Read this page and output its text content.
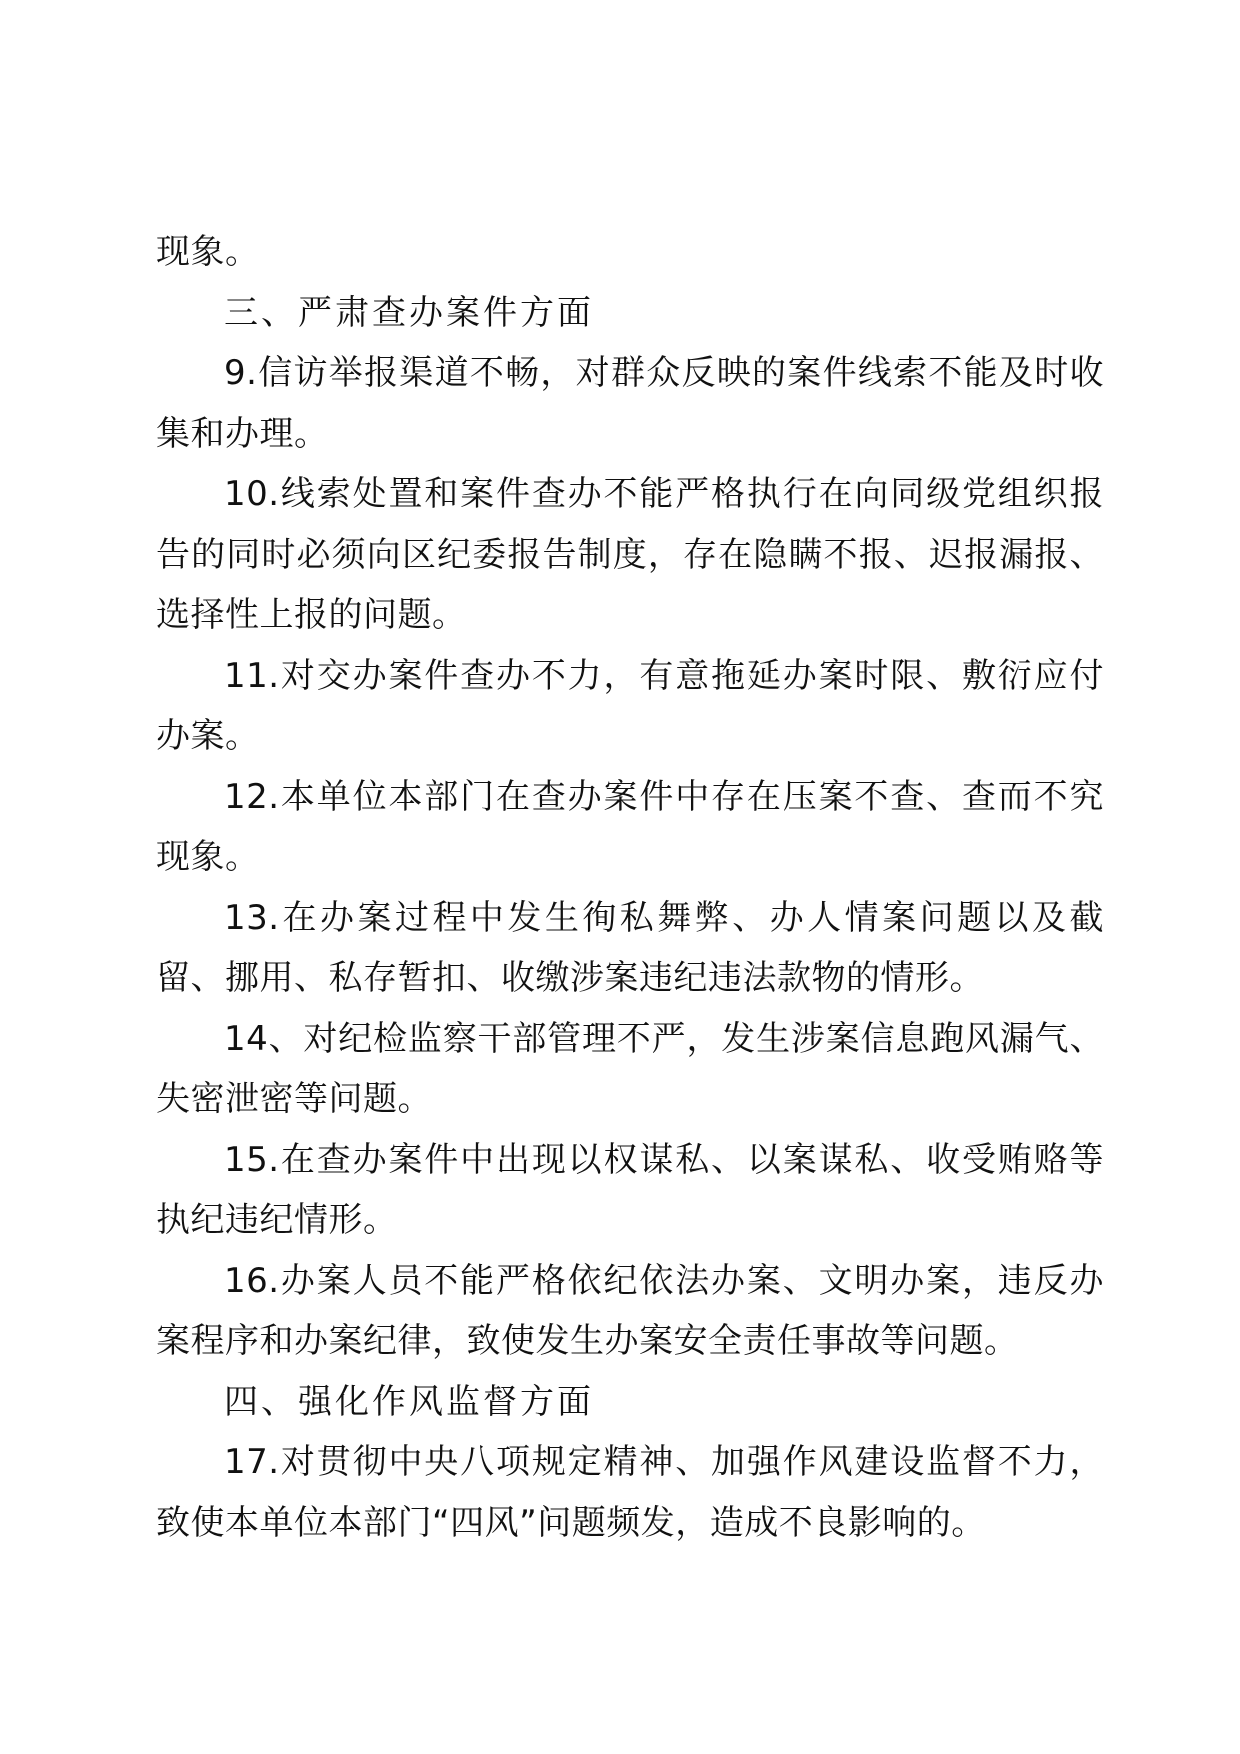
现象。

三、严肃查办案件方面

9.信访举报渠道不畅，对群众反映的案件线索不能及时收集和办理。

10.线索处置和案件查办不能严格执行在向同级党组织报告的同时必须向区纪委报告制度，存在隐瞒不报、迟报漏报、选择性上报的问题。

11.对交办案件查办不力，有意拖延办案时限、敷衍应付办案。

12.本单位本部门在查办案件中存在压案不查、查而不究现象。

13.在办案过程中发生徇私舞弊、办人情案问题以及截留、挪用、私存暂扣、收缴涉案违纪违法款物的情形。

14、对纪检监察干部管理不严，发生涉案信息跑风漏气、失密泄密等问题。

15.在查办案件中出现以权谋私、以案谋私、收受贿赂等执纪违纪情形。

16.办案人员不能严格依纪依法办案、文明办案，违反办案程序和办案纪律，致使发生办案安全责任事故等问题。

四、强化作风监督方面

17.对贯彻中央八项规定精神、加强作风建设监督不力，致使本单位本部门“四风”问题频发，造成不良影响的。
